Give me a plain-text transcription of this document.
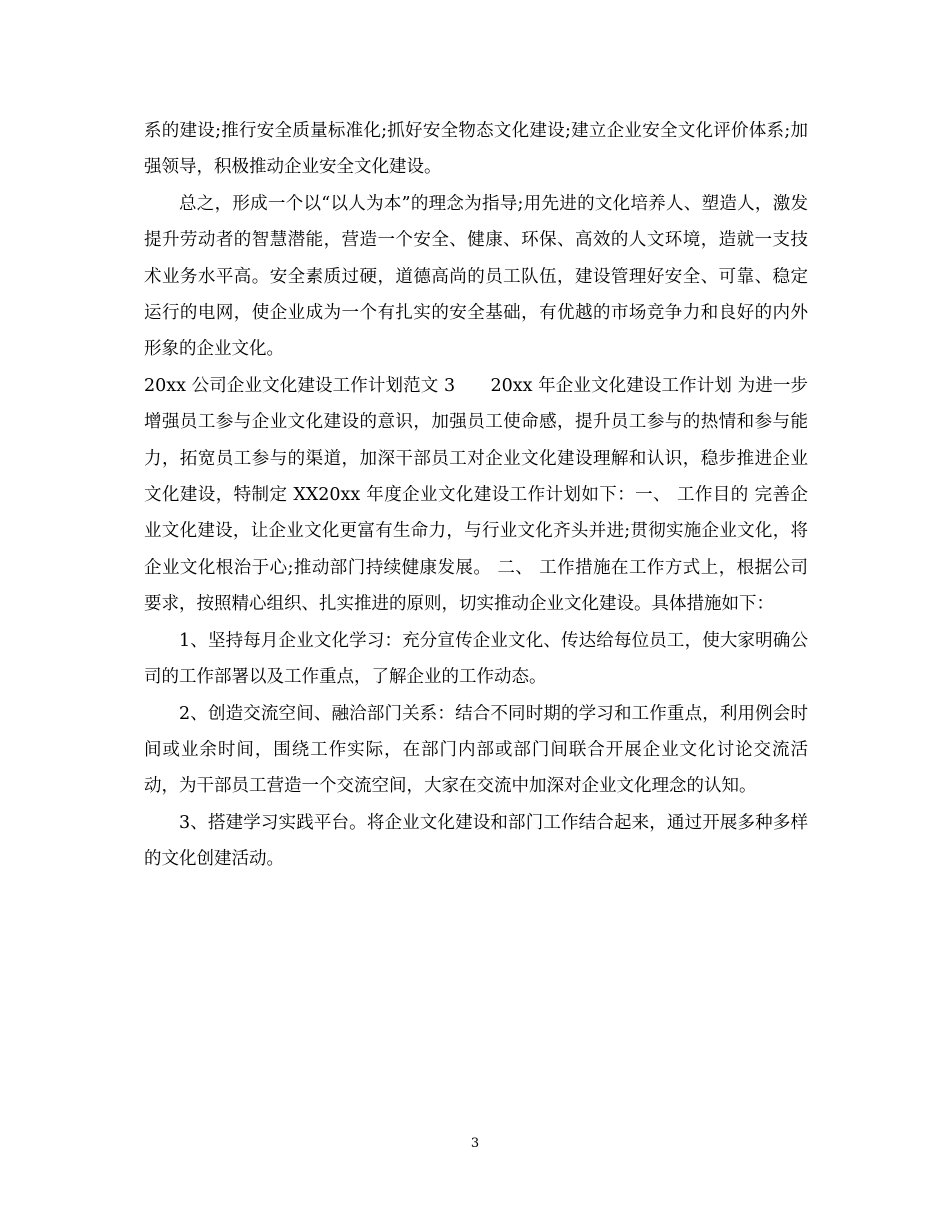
系的建设;推行安全质量标准化;抓好安全物态文化建设;建立企业安全文化评价体系;加强领导，积极推动企业安全文化建设。

总之，形成一个以“以人为本”的理念为指导;用先进的文化培养人、塑造人，激发提升劳动者的智慧潜能，营造一个安全、健康、环保、高效的人文环境，造就一支技术业务水平高。安全素质过硬，道德高尚的员工队伍，建设管理好安全、可靠、稳定运行的电网，使企业成为一个有扎实的安全基础，有优越的市场竞争力和良好的内外形象的企业文化。

20xx 公司企业文化建设工作计划范文 3　　20xx 年企业文化建设工作计划 为进一步增强员工参与企业文化建设的意识，加强员工使命感，提升员工参与的热情和参与能力，拓宽员工参与的渠道，加深干部员工对企业文化建设理解和认识，稳步推进企业文化建设，特制定 XX20xx 年度企业文化建设工作计划如下：一、 工作目的 完善企业文化建设，让企业文化更富有生命力，与行业文化齐头并进;贯彻实施企业文化，将企业文化根治于心;推动部门持续健康发展。 二、 工作措施在工作方式上，根据公司要求，按照精心组织、扎实推进的原则，切实推动企业文化建设。具体措施如下：

1、坚持每月企业文化学习：充分宣传企业文化、传达给每位员工，使大家明确公司的工作部署以及工作重点，了解企业的工作动态。

2、创造交流空间、融洽部门关系：结合不同时期的学习和工作重点，利用例会时间或业余时间，围绕工作实际，在部门内部或部门间联合开展企业文化讨论交流活动，为干部员工营造一个交流空间，大家在交流中加深对企业文化理念的认知。

3、搭建学习实践平台。将企业文化建设和部门工作结合起来，通过开展多种多样的文化创建活动。

3
